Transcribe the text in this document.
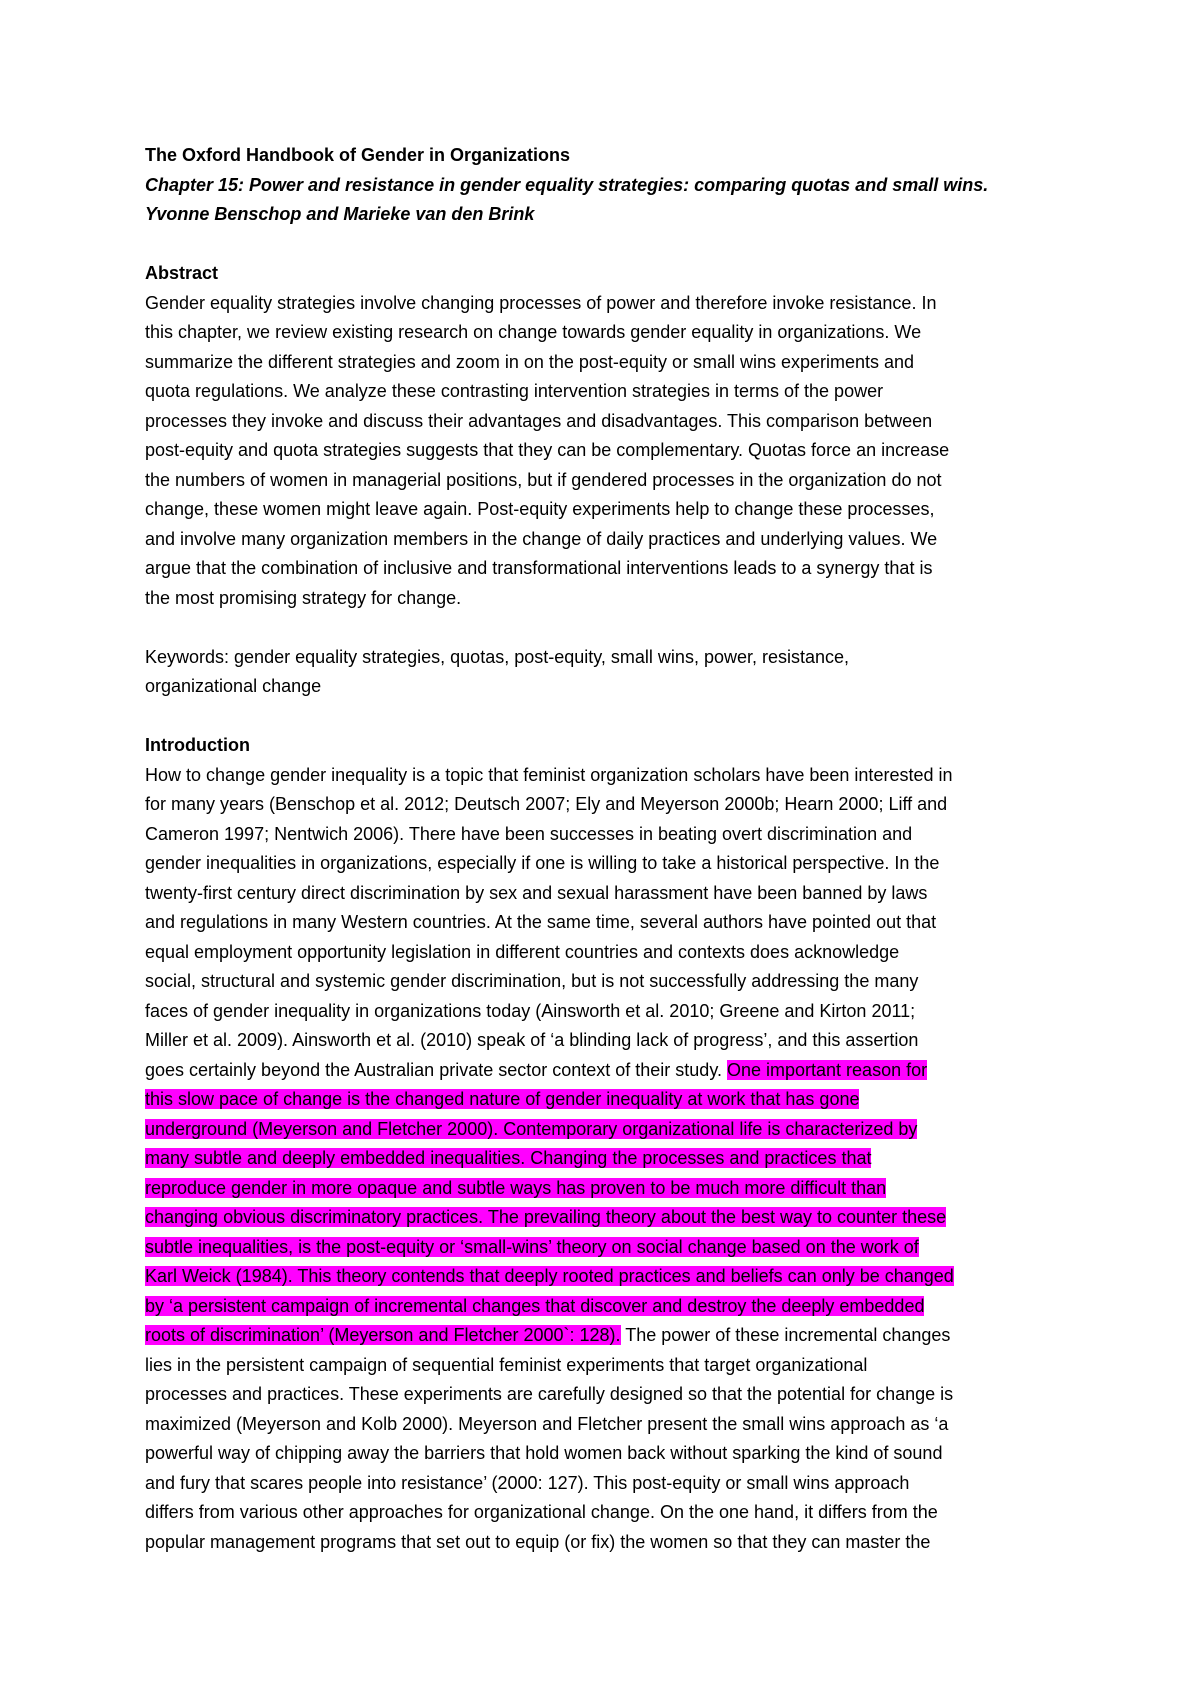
The Oxford Handbook of Gender in Organizations
Chapter 15: Power and resistance in gender equality strategies: comparing quotas and small wins.
Yvonne Benschop and Marieke van den Brink
Abstract
Gender equality strategies involve changing processes of power and therefore invoke resistance. In
this chapter, we review existing research on change towards gender equality in organizations. We
summarize the different strategies and zoom in on the post-equity or small wins experiments and
quota regulations. We analyze these contrasting intervention strategies in terms of the power
processes they invoke and discuss their advantages and disadvantages. This comparison between
post-equity and quota strategies suggests that they can be complementary. Quotas force an increase
the numbers of women in managerial positions, but if gendered processes in the organization do not
change, these women might leave again. Post-equity experiments help to change these processes,
and involve many organization members in the change of daily practices and underlying values. We
argue that the combination of inclusive and transformational interventions leads to a synergy that is
the most promising strategy for change.
Keywords: gender equality strategies, quotas, post-equity, small wins, power, resistance,
organizational change
Introduction
How to change gender inequality is a topic that feminist organization scholars have been interested in
for many years (Benschop et al. 2012; Deutsch 2007; Ely and Meyerson 2000b; Hearn 2000; Liff and
Cameron 1997; Nentwich 2006). There have been successes in beating overt discrimination and
gender inequalities in organizations, especially if one is willing to take a historical perspective. In the
twenty-first century direct discrimination by sex and sexual harassment have been banned by laws
and regulations in many Western countries. At the same time, several authors have pointed out that
equal employment opportunity legislation in different countries and contexts does acknowledge
social, structural and systemic gender discrimination, but is not successfully addressing the many
faces of gender inequality in organizations today (Ainsworth et al. 2010; Greene and Kirton 2011;
Miller et al. 2009). Ainsworth et al. (2010) speak of ‘a blinding lack of progress’, and this assertion
goes certainly beyond the Australian private sector context of their study. One important reason for
this slow pace of change is the changed nature of gender inequality at work that has gone
underground (Meyerson and Fletcher 2000). Contemporary organizational life is characterized by
many subtle and deeply embedded inequalities. Changing the processes and practices that
reproduce gender in more opaque and subtle ways has proven to be much more difficult than
changing obvious discriminatory practices. The prevailing theory about the best way to counter these
subtle inequalities, is the post-equity or ‘small-wins’ theory on social change based on the work of
Karl Weick (1984). This theory contends that deeply rooted practices and beliefs can only be changed
by ‘a persistent campaign of incremental changes that discover and destroy the deeply embedded
roots of discrimination’ (Meyerson and Fletcher 2000`: 128). The power of these incremental changes
lies in the persistent campaign of sequential feminist experiments that target organizational
processes and practices. These experiments are carefully designed so that the potential for change is
maximized (Meyerson and Kolb 2000). Meyerson and Fletcher present the small wins approach as ‘a
powerful way of chipping away the barriers that hold women back without sparking the kind of sound
and fury that scares people into resistance’ (2000: 127). This post-equity or small wins approach
differs from various other approaches for organizational change. On the one hand, it differs from the
popular management programs that set out to equip (or fix) the women so that they can master the
